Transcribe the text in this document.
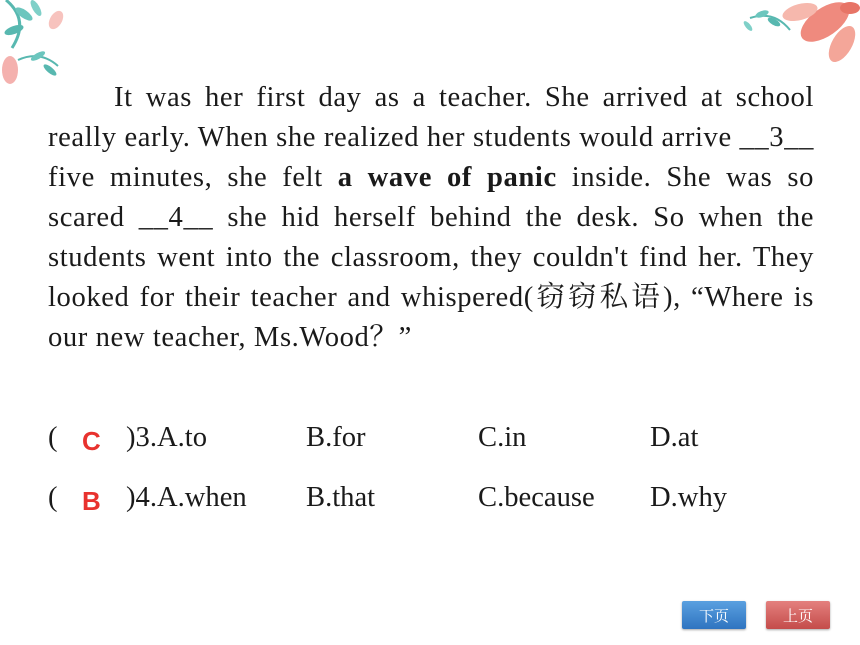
It was her first day as a teacher. She arrived at school really early. When she realized her students would arrive __3__ five minutes, she felt a wave of panic inside. She was so scared __4__ she hid herself behind the desk. So when the students went into the classroom, they couldn't find her. They looked for their teacher and whispered(窃窃私语), “Where is our new teacher, Ms.Wood？”

( C )3.A.to	B.for	C.in	D.at
( B )4.A.when B.that	C.because D.why
下页	上页
